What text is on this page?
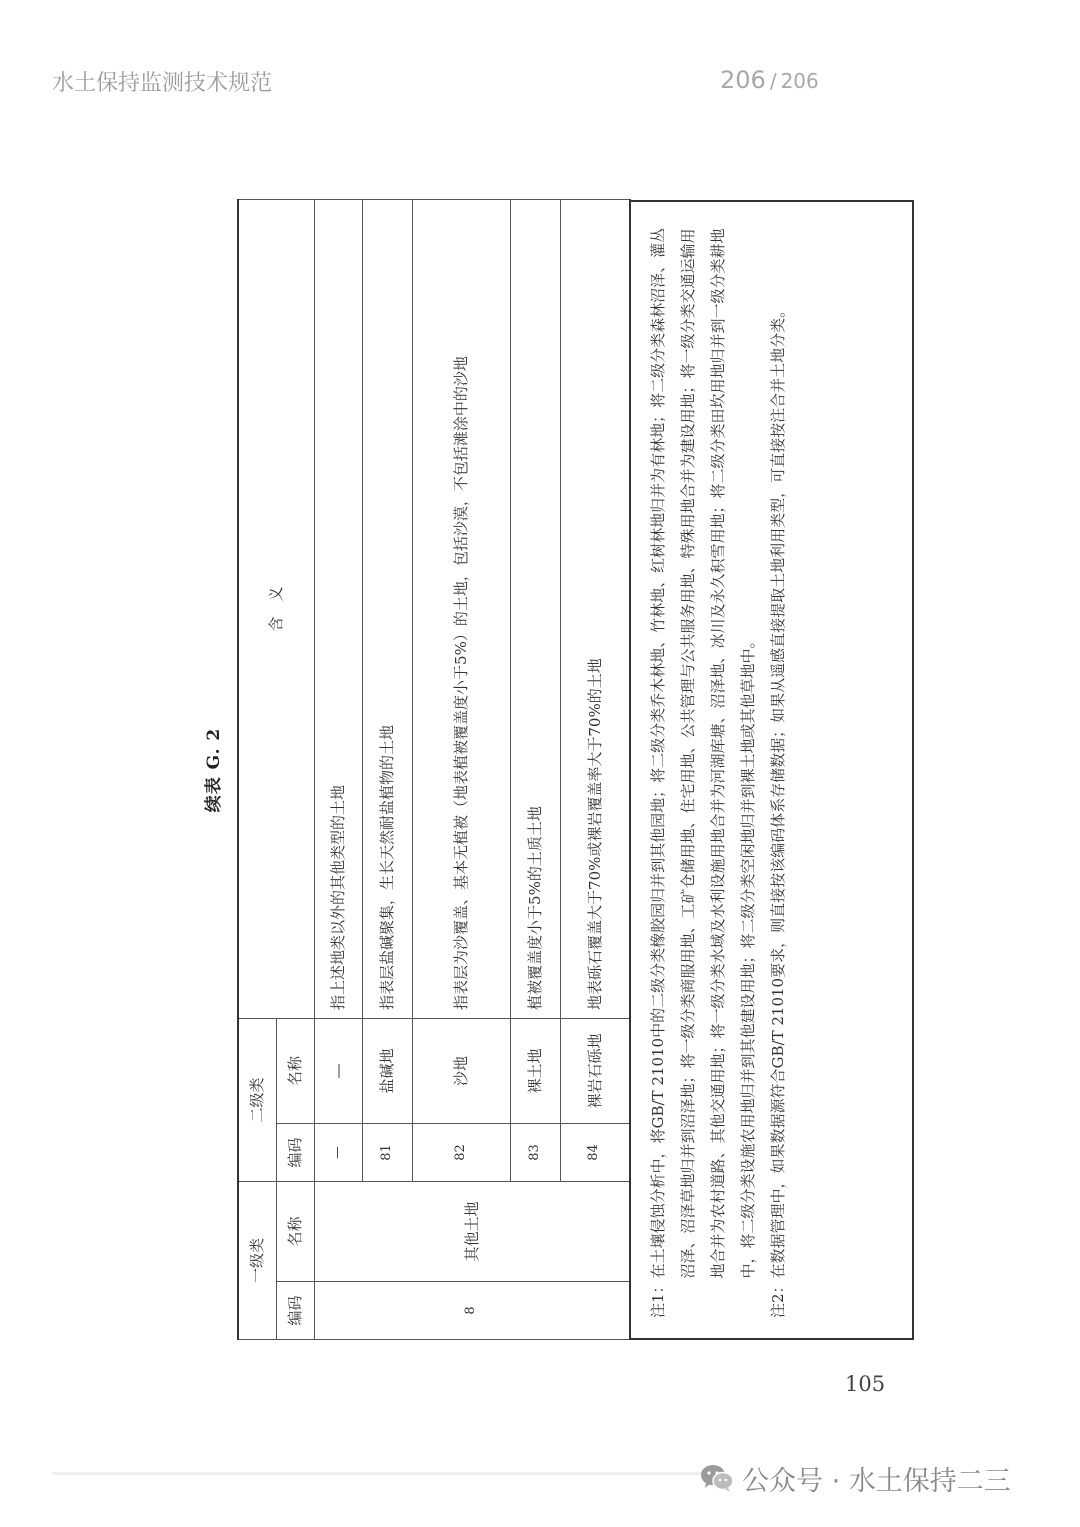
水土保持监测技术规范	206 / 206
续表 G. 2
一级类		二级类		含　义
编码	名称	编码	名称	
8	其他土地	—	—	指上述地类以外的其他类型的土地
		81	盐碱地	指表层盐碱聚集，生长天然耐盐植物的土地
		82	沙地	指表层为沙覆盖、基本无植被（地表植被覆盖度小于5%）的土地，包括沙漠，不包括滩涂中的沙地
		83	裸土地	植被覆盖度小于5%的土质土地
		84	裸岩石砾地	地表砾石覆盖大于70%或裸岩覆盖率大于70%的土地
注1：
在土壤侵蚀分析中，将GB/T 21010中的二级分类橡胶园归并到其他园地；将二级分类乔木林地、竹林地、红树林地归并为有林地；将二级分类森林沼泽、灌丛沼泽、沼泽草地归并到沼泽地；将一级分类商服用地、工矿仓储用地、住宅用地、公共管理与公共服务用地、特殊用地合并为建设用地；将一级分类交通运输用地合并为农村道路、其他交通用地；将一级分类水域及水利设施用地合并为河湖库塘、沼泽地、冰川及永久积雪用地；将二级分类田坎用地归并到一级分类耕地中，将二级分类设施农用地归并到其他建设用地；将二级分类空闲地归并到裸土地或其他草地中。
注2：
在数据管理中，如果数据源符合GB/T 21010要求，则直接按该编码体系存储数据；如果从遥感直接提取土地利用类型，可直接按注合并土地分类。
105
公众号 · 水土保持二三
